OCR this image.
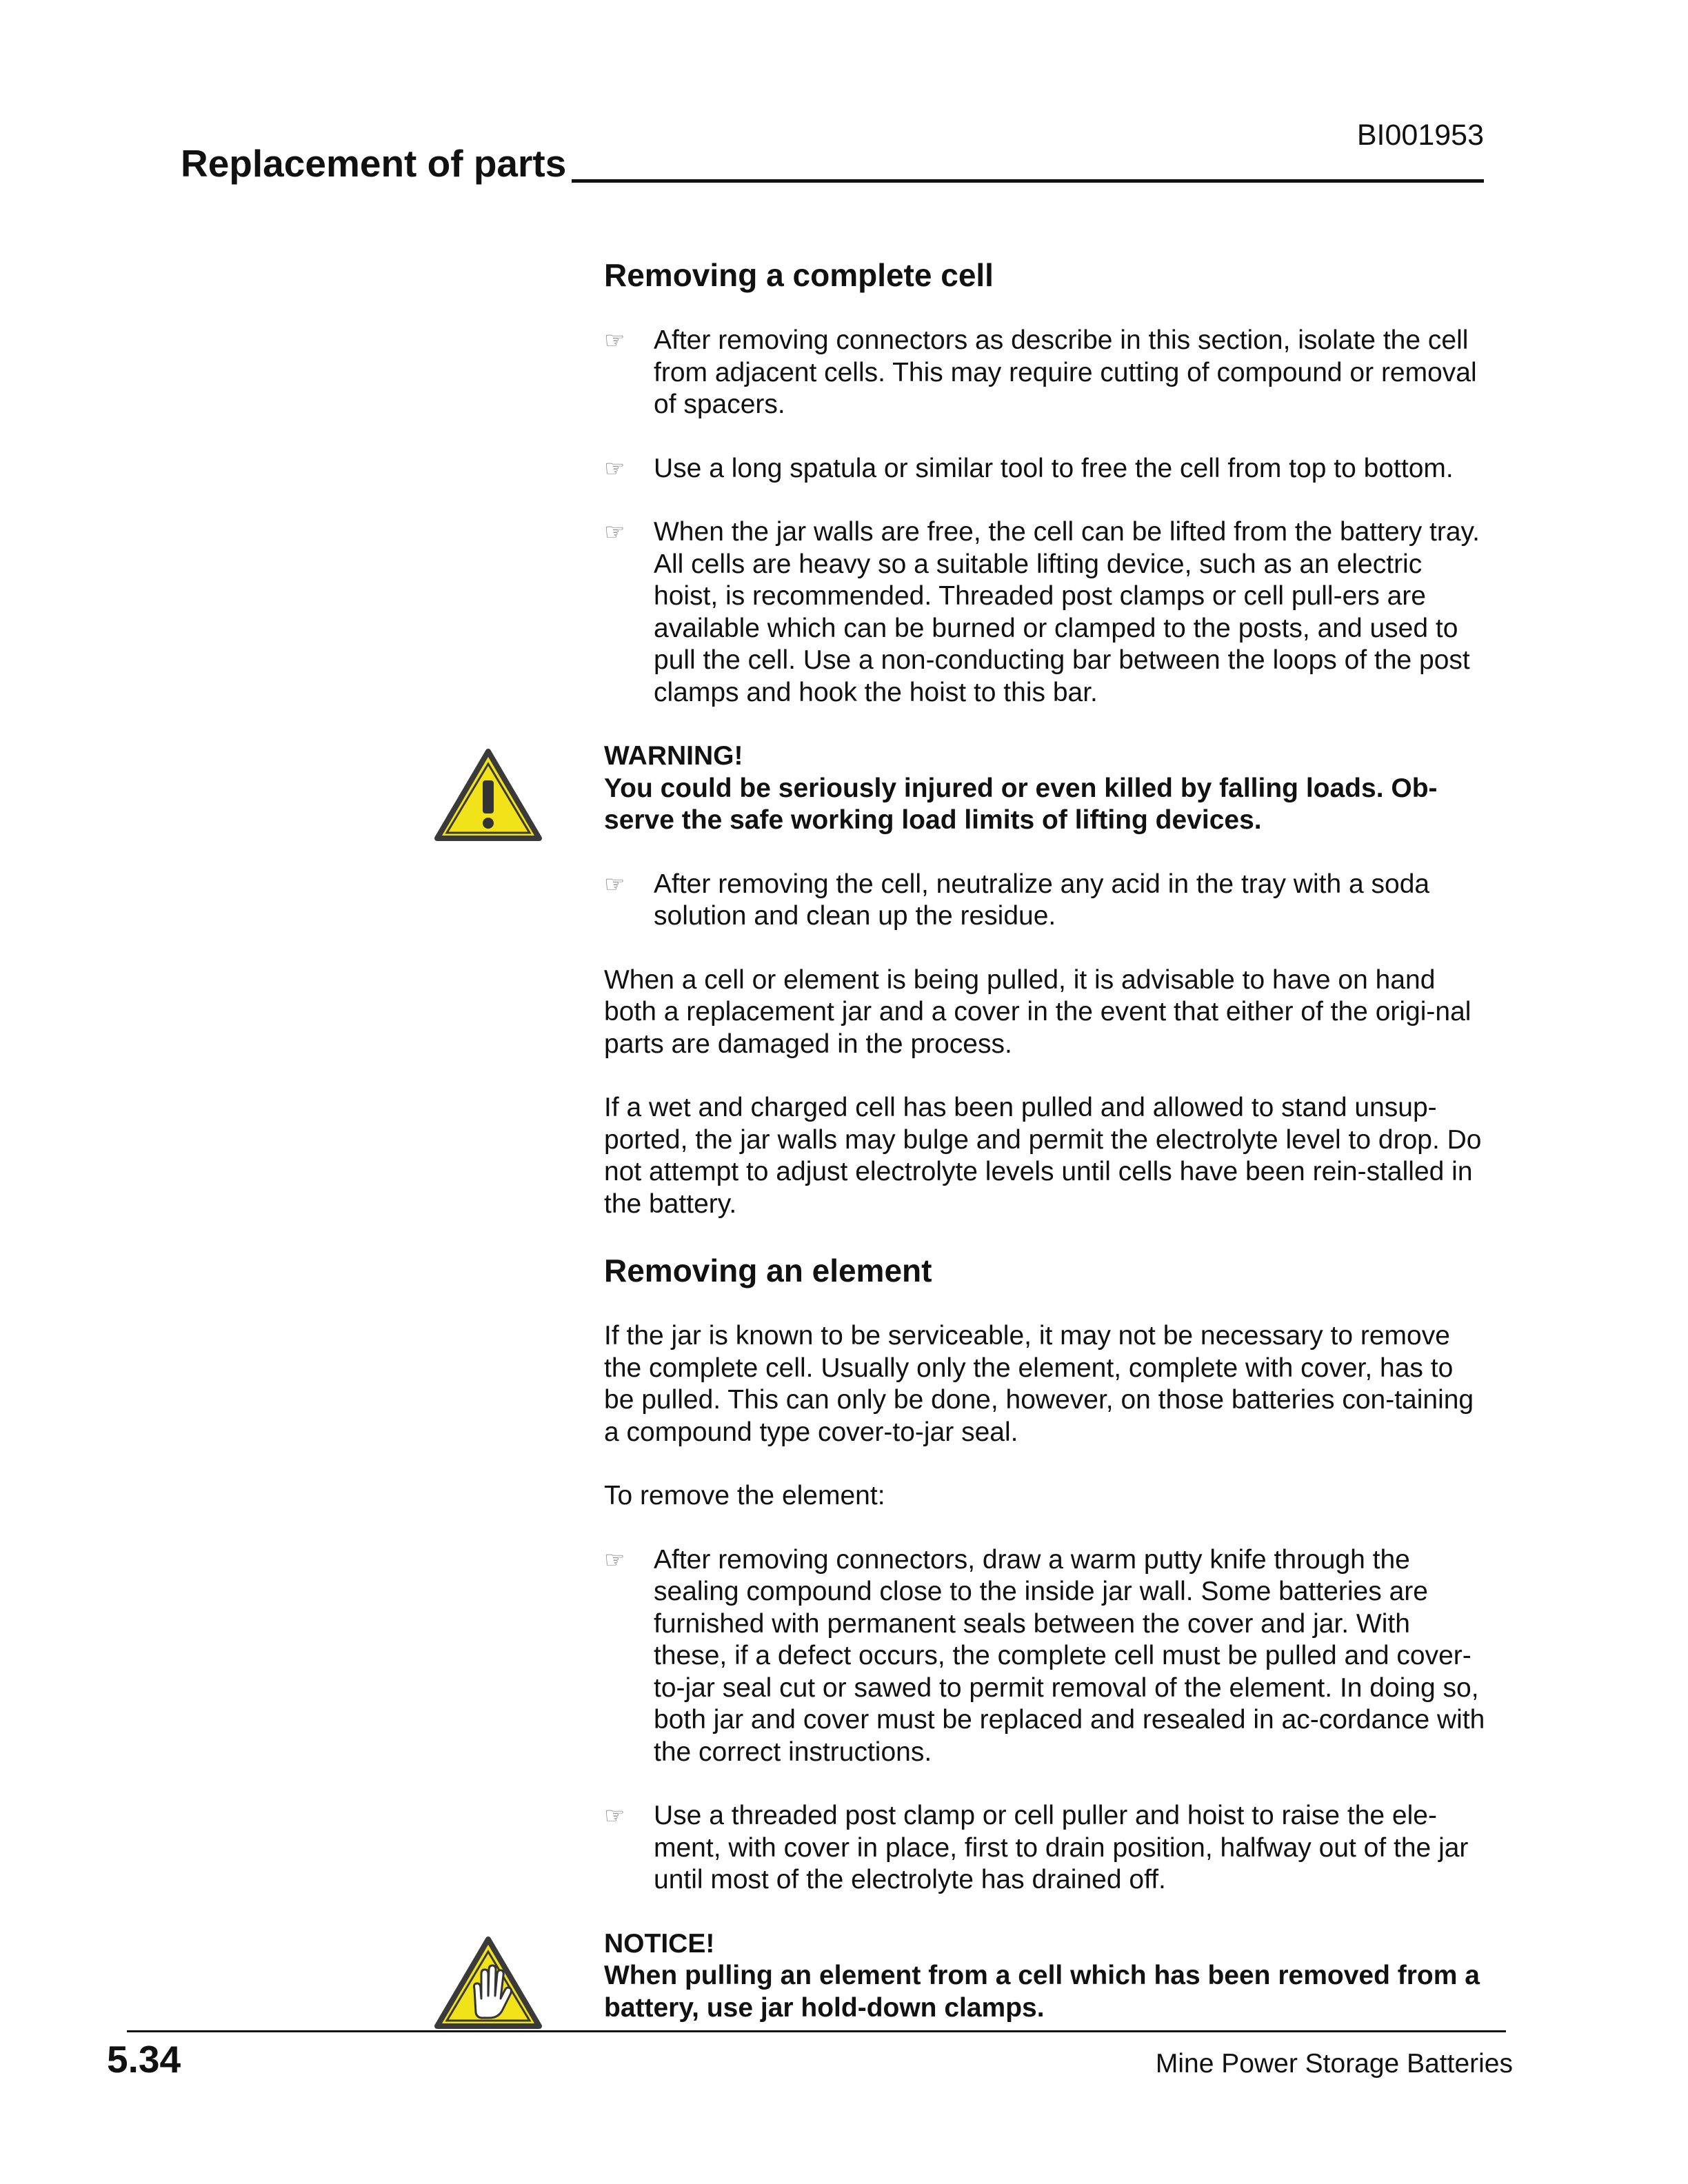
BI001953
Replacement of parts
Removing a complete cell
☞	After removing connectors as describe in this section, isolate the cell from adjacent cells. This may require cutting of compound or removal of spacers.
☞	Use a long spatula or similar tool to free the cell from top to bottom.
☞	When the jar walls are free, the cell can be lifted from the battery tray. All cells are heavy so a suitable lifting device, such as an electric hoist, is recommended. Threaded post clamps or cell pull-ers are available which can be burned or clamped to the posts, and used to pull the cell. Use a non-conducting bar between the loops of the post clamps and hook the hoist to this bar.
WARNING!
You could be seriously injured or even killed by falling loads. Ob-serve the safe working load limits of lifting devices.
☞	After removing the cell, neutralize any acid in the tray with a soda solution and clean up the residue.
When a cell or element is being pulled, it is advisable to have on hand both a replacement jar and a cover in the event that either of the origi-nal parts are damaged in the process.
If a wet and charged cell has been pulled and allowed to stand unsup-ported, the jar walls may bulge and permit the electrolyte level to drop. Do not attempt to adjust electrolyte levels until cells have been rein-stalled in the battery.
Removing an element
If the jar is known to be serviceable, it may not be necessary to remove the complete cell. Usually only the element, complete with cover, has to be pulled. This can only be done, however, on those batteries con-taining a compound type cover-to-jar seal.
To remove the element:
☞	After removing connectors, draw a warm putty knife through the sealing compound close to the inside jar wall. Some batteries are furnished with permanent seals between the cover and jar. With these, if a defect occurs, the complete cell must be pulled and cover-to-jar seal cut or sawed to permit removal of the element. In doing so, both jar and cover must be replaced and resealed in ac-cordance with the correct instructions.
☞	Use a threaded post clamp or cell puller and hoist to raise the ele-ment, with cover in place, first to drain position, halfway out of the jar until most of the electrolyte has drained off.
NOTICE!
When pulling an element from a cell which has been removed from a battery, use jar hold-down clamps.
5.34	Mine Power Storage Batteries
